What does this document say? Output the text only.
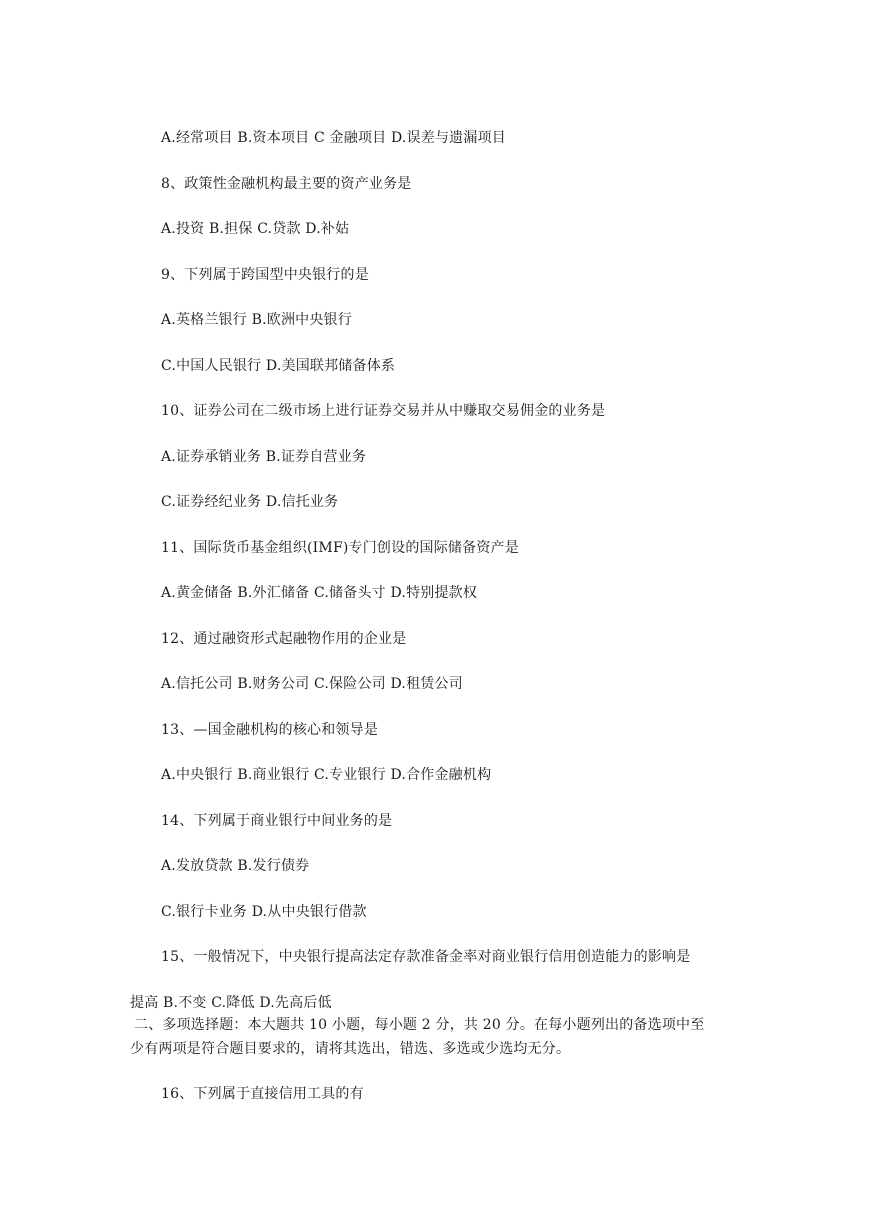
A.经常项目 B.资本项目 C 金融项目 D.误差与遗漏项目
8、政策性金融机构最主要的资产业务是
A.投资 B.担保 C.贷款 D.补姑
9、下列属于跨国型中央银行的是
A.英格兰银行 B.欧洲中央银行
C.中国人民银行 D.美国联邦储备体系
10、证券公司在二级市场上进行证券交易并从中赚取交易佣金的业务是
A.证券承销业务 B.证券自营业务
C.证券经纪业务 D.信托业务
11、国际货币基金组织(IMF)专门创设的国际储备资产是
A.黄金储备 B.外汇储备 C.储备头寸 D.特别提款权
12、通过融资形式起融物作用的企业是
A.信托公司 B.财务公司 C.保险公司 D.租赁公司
13、—国金融机构的核心和领导是
A.中央银行 B.商业银行 C.专业银行 D.合作金融机构
14、下列属于商业银行中间业务的是
A.发放贷款 B.发行债券
C.银行卡业务 D.从中央银行借款
15、一般情况下，中央银行提高法定存款准备金率对商业银行信用创造能力的影响是
提高 B.不变 C.降低 D.先高后低
二、多项选择题：本大题共 10 小题，每小题 2 分，共 20 分。在每小题列出的备选项中至
少有两项是符合题目要求的，请将其选出，错选、多选或少选均无分。
16、下列属于直接信用工具的有
